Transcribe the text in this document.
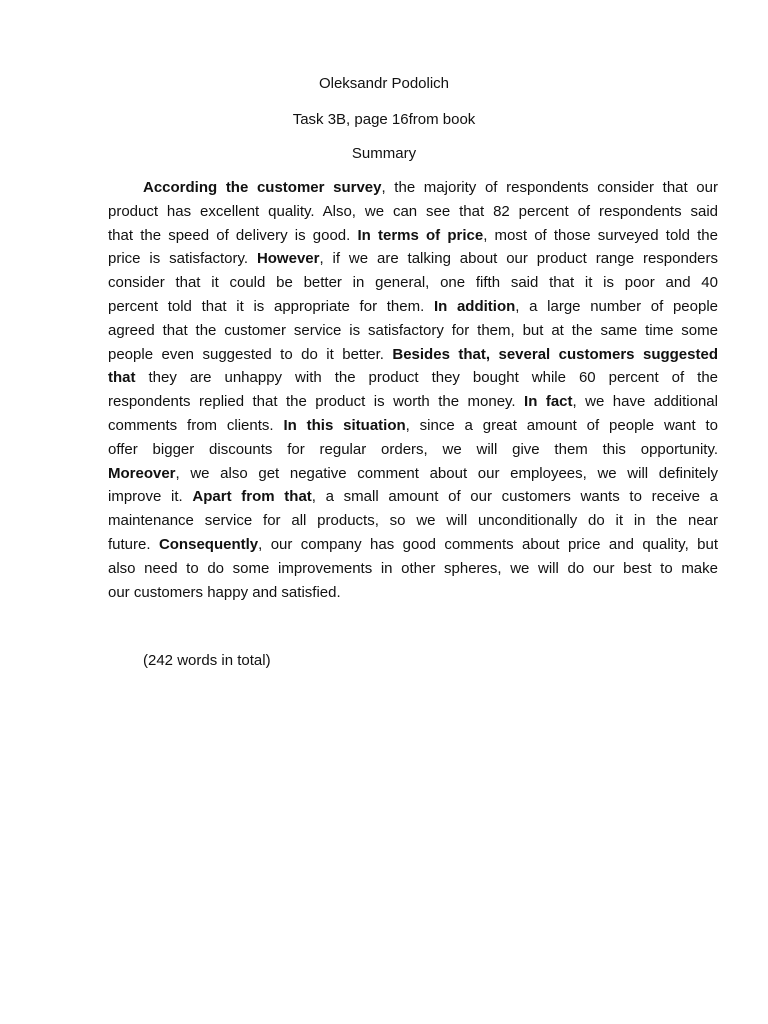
Oleksandr Podolich
Task 3B, page 16from book
Summary
According the customer survey, the majority of respondents consider that our
product has excellent quality. Also, we can see that 82 percent of respondents said
that the speed of delivery is good. In terms of price, most of those surveyed told the
price is satisfactory. However, if we are talking about our product range responders
consider that it could be better in general, one fifth said that it is poor and 40
percent told that it is appropriate for them. In addition, a large number of people
agreed that the customer service is satisfactory for them, but at the same time some
people even suggested to do it better. Besides that, several customers suggested
that they are unhappy with the product they bought while 60 percent of the
respondents replied that the product is worth the money. In fact, we have additional
comments from clients. In this situation, since a great amount of people want to
offer bigger discounts for regular orders, we will give them this opportunity.
Moreover, we also get negative comment about our employees, we will definitely
improve it. Apart from that, a small amount of our customers wants to receive a
maintenance service for all products, so we will unconditionally do it in the near
future. Consequently, our company has good comments about price and quality, but
also need to do some improvements in other spheres, we will do our best to make
our customers happy and satisfied.
(242 words in total)
